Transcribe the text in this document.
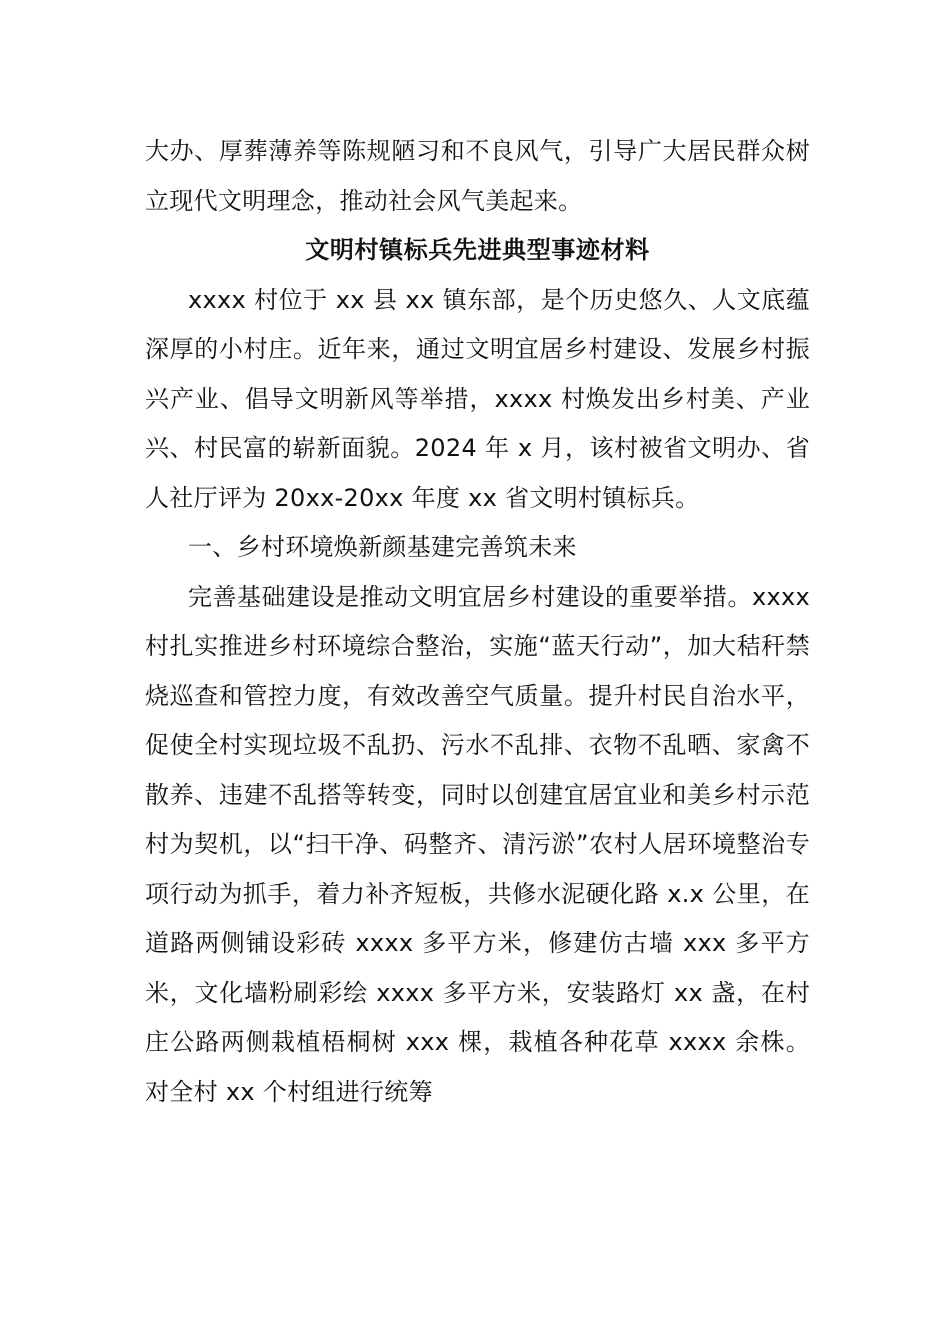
大办、厚葬薄养等陈规陋习和不良风气，引导广大居民群众树立现代文明理念，推动社会风气美起来。

文明村镇标兵先进典型事迹材料

xxxx 村位于 xx 县 xx 镇东部，是个历史悠久、人文底蕴深厚的小村庄。近年来，通过文明宜居乡村建设、发展乡村振兴产业、倡导文明新风等举措，xxxx 村焕发出乡村美、产业兴、村民富的崭新面貌。2024 年 x 月，该村被省文明办、省人社厅评为 20xx-20xx 年度 xx 省文明村镇标兵。

一、乡村环境焕新颜基建完善筑未来

完善基础建设是推动文明宜居乡村建设的重要举措。xxxx 村扎实推进乡村环境综合整治，实施“蓝天行动”，加大秸秆禁烧巡查和管控力度，有效改善空气质量。提升村民自治水平，促使全村实现垃圾不乱扔、污水不乱排、衣物不乱晒、家禽不散养、违建不乱搭等转变，同时以创建宜居宜业和美乡村示范村为契机，以“扫干净、码整齐、清污淤”农村人居环境整治专项行动为抓手，着力补齐短板，共修水泥硬化路 x.x 公里，在道路两侧铺设彩砖 xxxx 多平方米，修建仿古墙 xxx 多平方米，文化墙粉刷彩绘 xxxx 多平方米，安装路灯 xx 盏，在村庄公路两侧栽植梧桐树 xxx 棵，栽植各种花草 xxxx 余株。对全村 xx 个村组进行统筹
